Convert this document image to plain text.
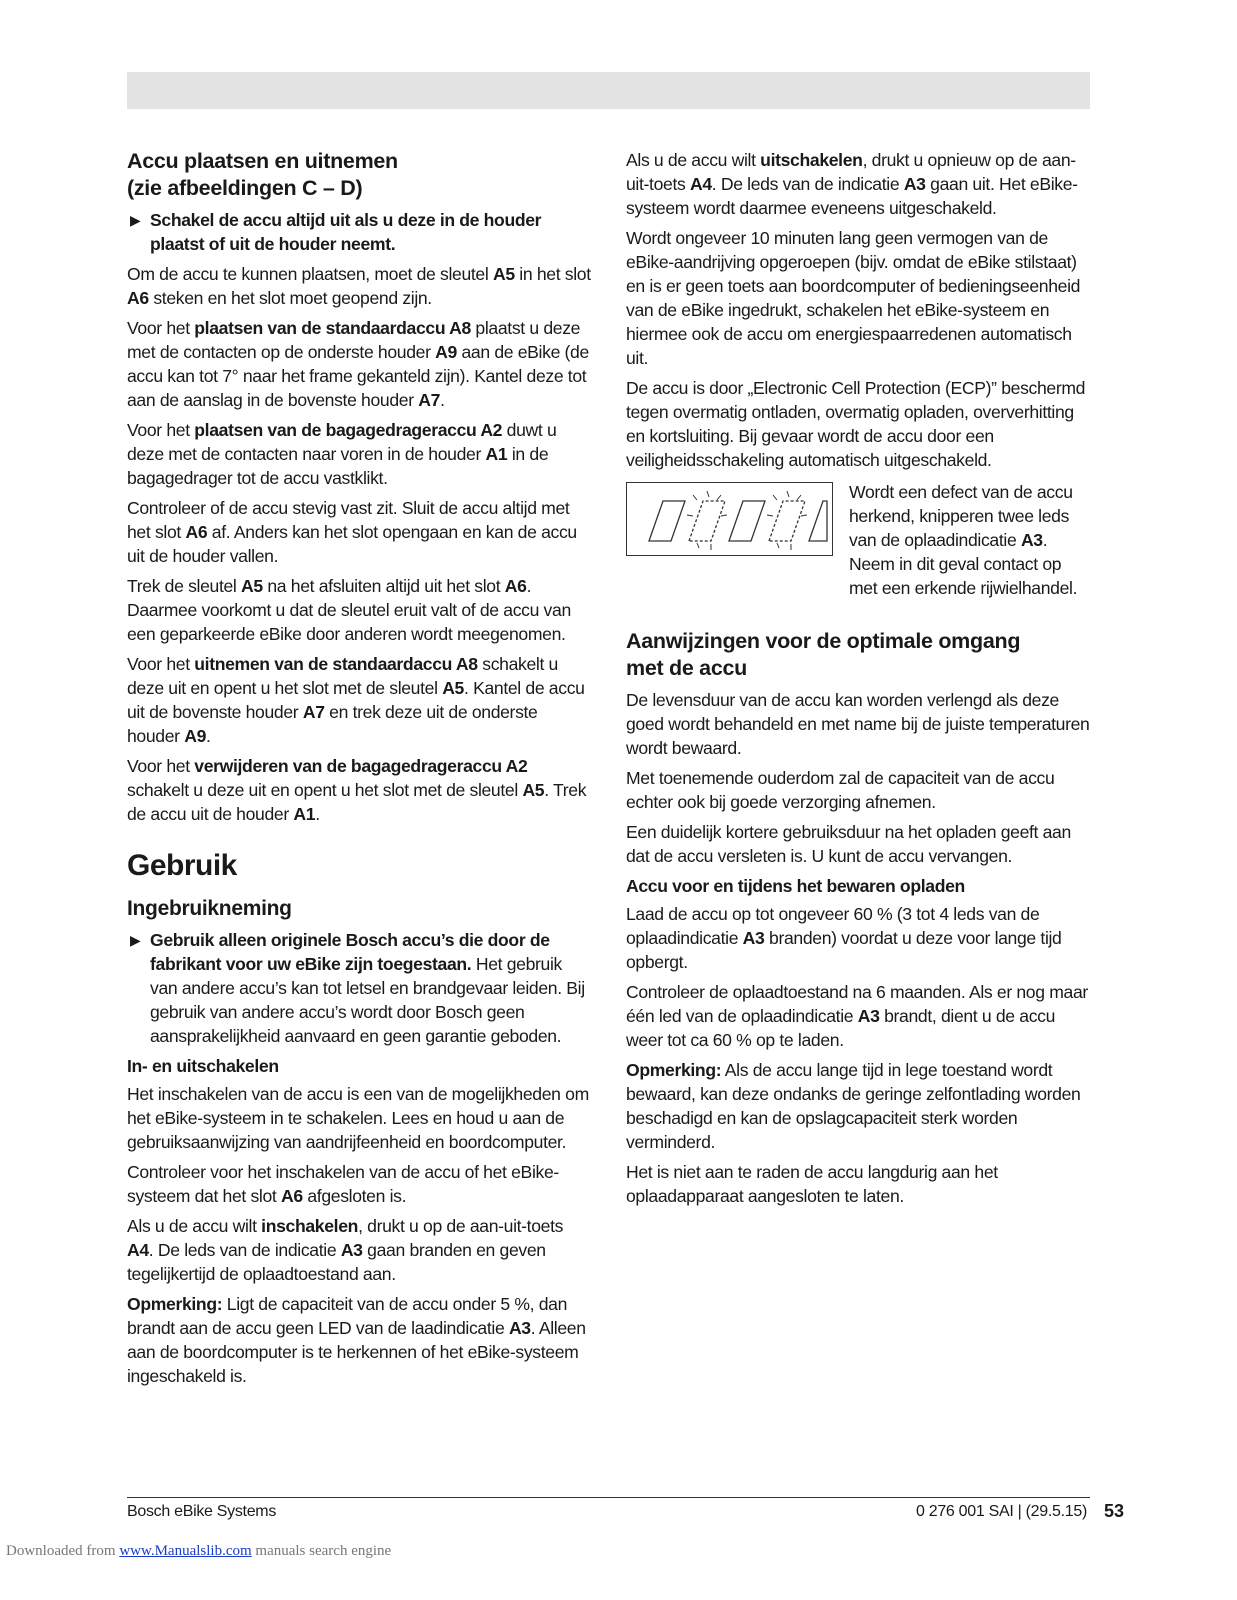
Accu plaatsen en uitnemen
(zie afbeeldingen C – D)

▶ Schakel de accu altijd uit als u deze in de houder plaatst of uit de houder neemt.

Om de accu te kunnen plaatsen, moet de sleutel A5 in het slot A6 steken en het slot moet geopend zijn.

Voor het plaatsen van de standaardaccu A8 plaatst u deze met de contacten op de onderste houder A9 aan de eBike (de accu kan tot 7° naar het frame gekanteld zijn). Kantel deze tot aan de aanslag in de bovenste houder A7.

Voor het plaatsen van de bagagedrageraccu A2 duwt u deze met de contacten naar voren in de houder A1 in de bagagedrager tot de accu vastklikt.

Controleer of de accu stevig vast zit. Sluit de accu altijd met het slot A6 af. Anders kan het slot opengaan en kan de accu uit de houder vallen.

Trek de sleutel A5 na het afsluiten altijd uit het slot A6. Daarmee voorkomt u dat de sleutel eruit valt of de accu van een geparkeerde eBike door anderen wordt meegenomen.

Voor het uitnemen van de standaardaccu A8 schakelt u deze uit en opent u het slot met de sleutel A5. Kantel de accu uit de bovenste houder A7 en trek deze uit de onderste houder A9.

Voor het verwijderen van de bagagedrageraccu A2 schakelt u deze uit en opent u het slot met de sleutel A5. Trek de accu uit de houder A1.

Gebruik
Ingebruikneming

▶ Gebruik alleen originele Bosch accu’s die door de fabrikant voor uw eBike zijn toegestaan. Het gebruik van andere accu’s kan tot letsel en brandgevaar leiden. Bij gebruik van andere accu’s wordt door Bosch geen aansprakelijkheid aanvaard en geen garantie geboden.

In- en uitschakelen

Het inschakelen van de accu is een van de mogelijkheden om het eBike-systeem in te schakelen. Lees en houd u aan de gebruiksaanwijzing van aandrijfeenheid en boordcomputer.

Controleer voor het inschakelen van de accu of het eBike-systeem dat het slot A6 afgesloten is.

Als u de accu wilt inschakelen, drukt u op de aan-uit-toets A4. De leds van de indicatie A3 gaan branden en geven tegelijkertijd de oplaadtoestand aan.

Opmerking: Ligt de capaciteit van de accu onder 5 %, dan brandt aan de accu geen LED van de laadindicatie A3. Alleen aan de boordcomputer is te herkennen of het eBike-systeem ingeschakeld is.

Als u de accu wilt uitschakelen, drukt u opnieuw op de aan-uit-toets A4. De leds van de indicatie A3 gaan uit. Het eBike-systeem wordt daarmee eveneens uitgeschakeld.

Wordt ongeveer 10 minuten lang geen vermogen van de eBike-aandrijving opgeroepen (bijv. omdat de eBike stilstaat) en is er geen toets aan boordcomputer of bedieningseenheid van de eBike ingedrukt, schakelen het eBike-systeem en hiermee ook de accu om energiespaarredenen automatisch uit.

De accu is door „Electronic Cell Protection (ECP)” beschermd tegen overmatig ontladen, overmatig opladen, oververhitting en kortsluiting. Bij gevaar wordt de accu door een veiligheidsschakeling automatisch uitgeschakeld.

Wordt een defect van de accu herkend, knipperen twee leds van de oplaadindicatie A3. Neem in dit geval contact op met een erkende rijwielhandel.

Aanwijzingen voor de optimale omgang
met de accu

De levensduur van de accu kan worden verlengd als deze goed wordt behandeld en met name bij de juiste temperaturen wordt bewaard.

Met toenemende ouderdom zal de capaciteit van de accu echter ook bij goede verzorging afnemen.

Een duidelijk kortere gebruiksduur na het opladen geeft aan dat de accu versleten is. U kunt de accu vervangen.

Accu voor en tijdens het bewaren opladen

Laad de accu op tot ongeveer 60 % (3 tot 4 leds van de oplaadindicatie A3 branden) voordat u deze voor lange tijd opbergt.

Controleer de oplaadtoestand na 6 maanden. Als er nog maar één led van de oplaadindicatie A3 brandt, dient u de accu weer tot ca 60 % op te laden.

Opmerking: Als de accu lange tijd in lege toestand wordt bewaard, kan deze ondanks de geringe zelfontlading worden beschadigd en kan de opslagcapaciteit sterk worden verminderd.

Het is niet aan te raden de accu langdurig aan het oplaadapparaat aangesloten te laten.

Bosch eBike Systems	0 276 001 SAI | (29.5.15) 53
Downloaded from www.Manualslib.com manuals search engine
